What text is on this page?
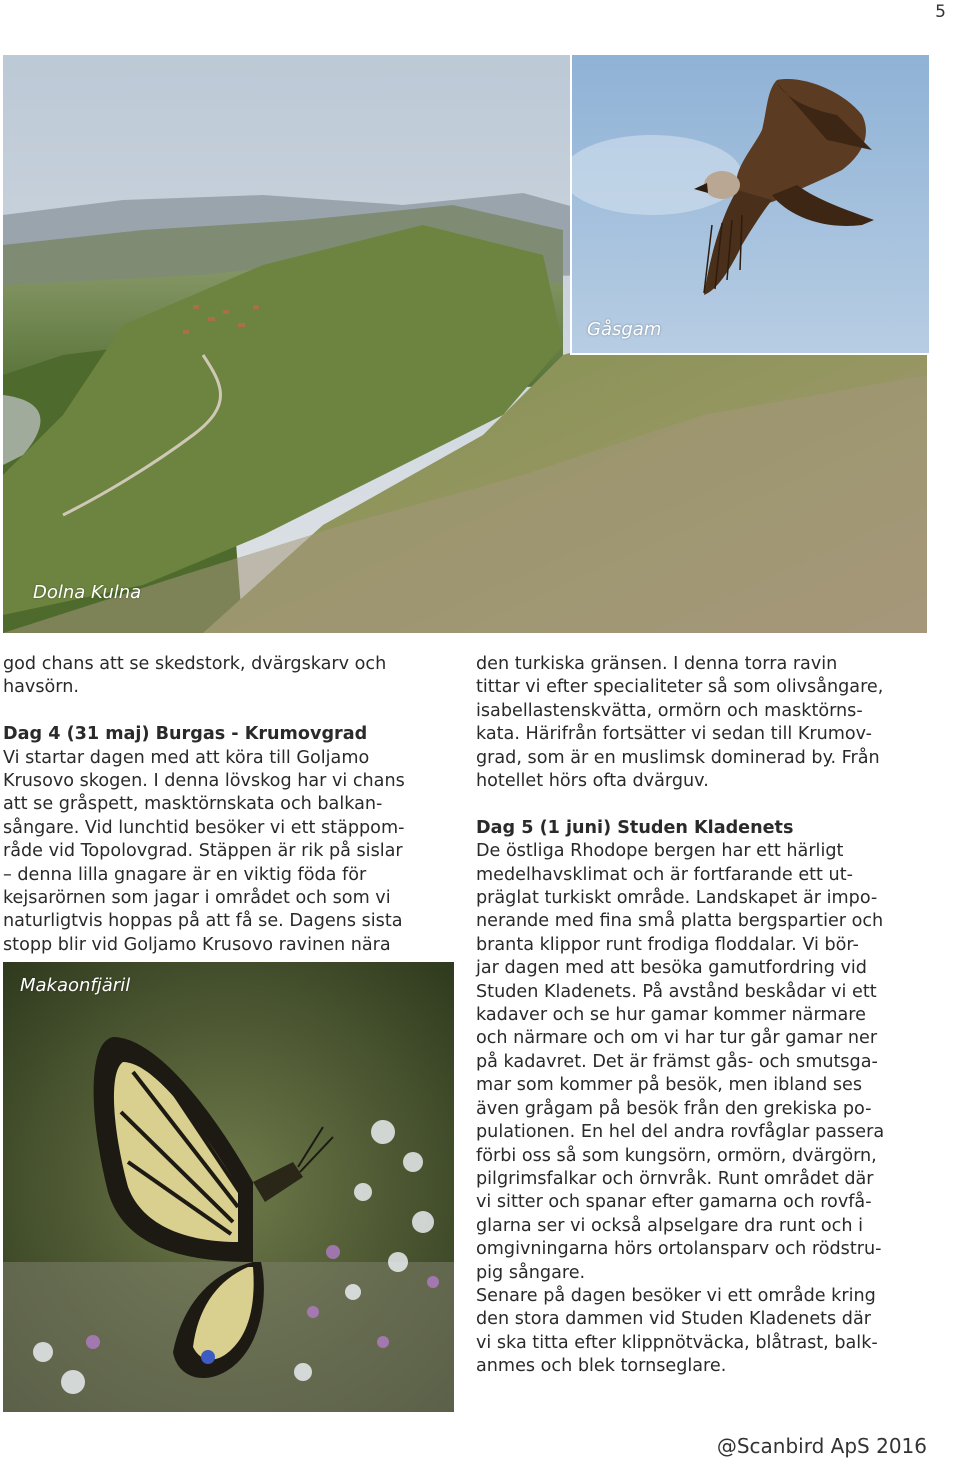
5
Dolna Kulna
Gåsgam

god chans att se skedstork, dvärgskarv och

havsörn.

Dag 4 (31 maj) Burgas - Krumovgrad

Vi startar dagen med att köra till Goljamo

Krusovo skogen. I denna lövskog har vi chans

att se gråspett, masktörnskata och balkan-

sångare. Vid lunchtid besöker vi ett stäppom-

råde vid Topolovgrad. Stäppen är rik på sislar

– denna lilla gnagare är en viktig föda för

kejsarörnen som jagar i området och som vi

naturligtvis hoppas på att få se. Dagens sista

stopp blir vid Goljamo Krusovo ravinen nära

Makaonfjäril

den turkiska gränsen. I denna torra ravin

tittar vi efter specialiteter så som olivsångare,

isabellastenskvätta, ormörn och masktörns-

kata. Härifrån fortsätter vi sedan till Krumov-

grad, som är en muslimsk dominerad by. Från

hotellet hörs ofta dvärguv.

Dag 5 (1 juni) Studen Kladenets

De östliga Rhodope bergen har ett härligt

medelhavsklimat och är fortfarande ett ut-

präglat turkiskt område. Landskapet är impo-

nerande med fina små platta bergspartier och

branta klippor runt frodiga floddalar. Vi bör-

jar dagen med att besöka gamutfordring vid

Studen Kladenets. På avstånd beskådar vi ett

kadaver och se hur gamar kommer närmare

och närmare och om vi har tur går gamar ner

på kadavret. Det är främst gås- och smutsga-

mar som kommer på besök, men ibland ses

även grågam på besök från den grekiska po-

pulationen. En hel del andra rovfåglar passera

förbi oss så som kungsörn, ormörn, dvärgörn,

pilgrimsfalkar och örnvråk. Runt området där

vi sitter och spanar efter gamarna och rovfå-

glarna ser vi också alpselgare dra runt och i

omgivningarna hörs ortolansparv och rödstru-

pig sångare.

Senare på dagen besöker vi ett område kring

den stora dammen vid Studen Kladenets där

vi ska titta efter klippnötväcka, blåtrast, balk-

anmes och blek tornseglare.

@Scanbird ApS 2016
